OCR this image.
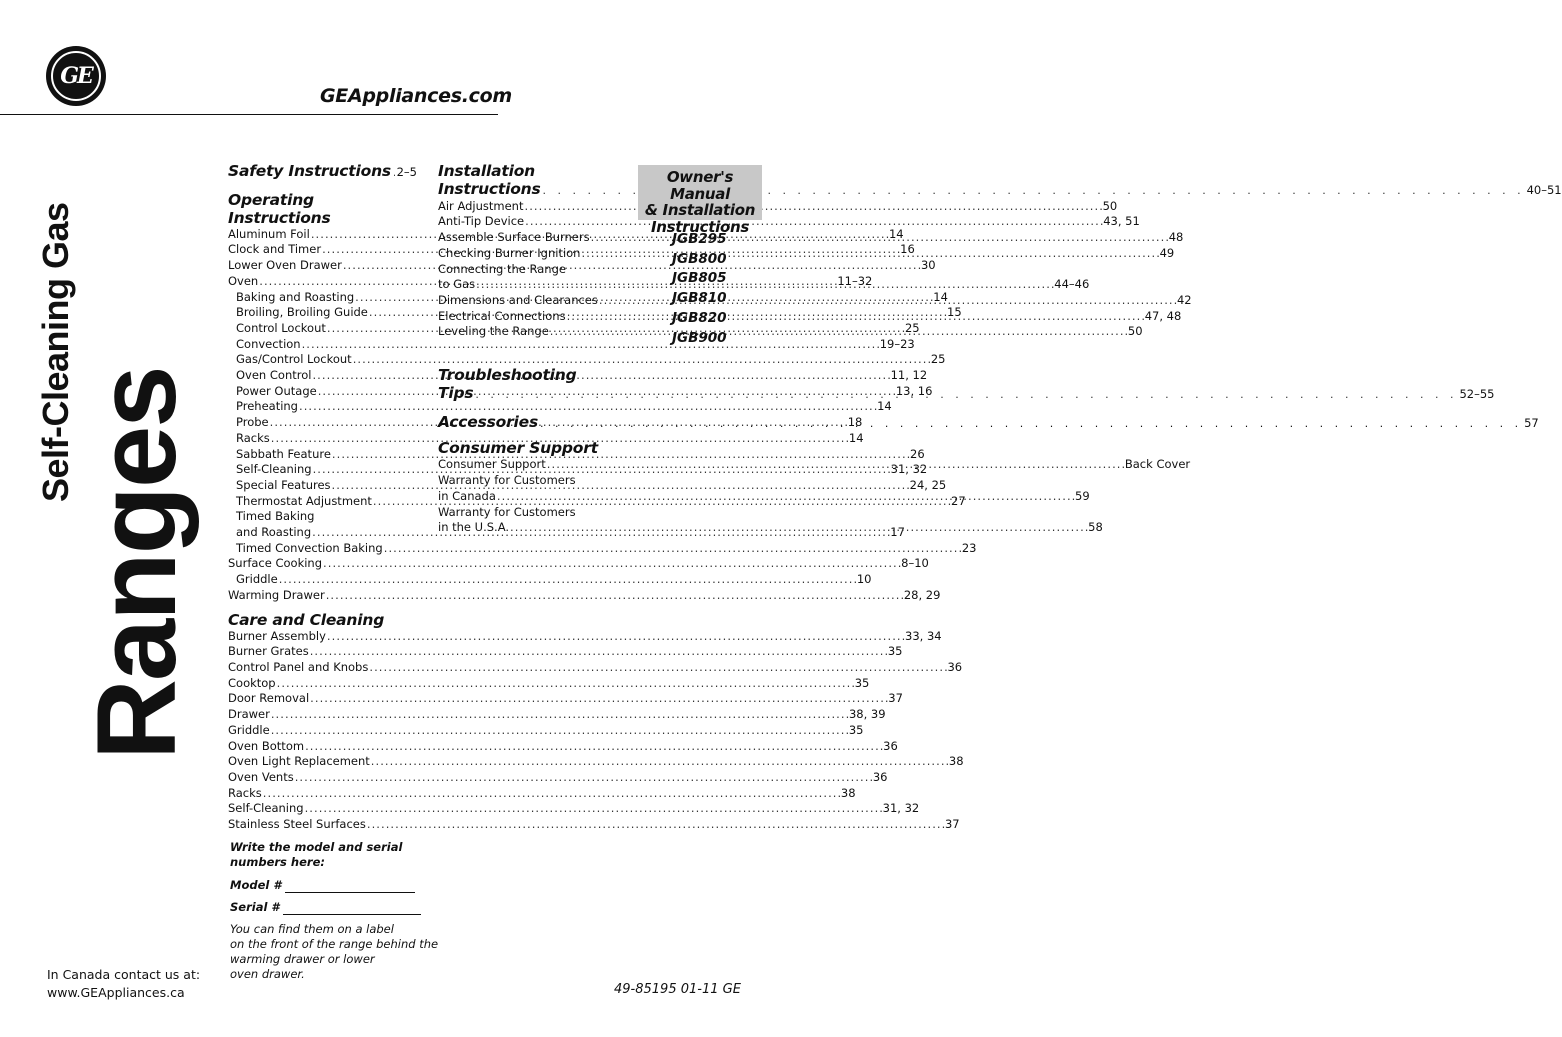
GE
GEAppliances.com
Ranges
Self-Cleaning Gas
Safety Instructions . . . 2–5
Operating Instructions
Aluminum Foil . . .	14
Clock and Timer . . .	16
Lower Oven Drawer . . .	30
Oven . . .	11–32
Baking and Roasting . . .	14
Broiling, Broiling Guide . . .	15
Control Lockout . . .	25
Convection . . .	19–23
Gas/Control Lockout . . .	25
Oven Control . . .	11, 12
Power Outage . . .	13, 16
Preheating . . .	14
Probe . . .	18
Racks . . .	14
Sabbath Feature . . .	26
Self-Cleaning . . .	31, 32
Special Features . . .	24, 25
Thermostat Adjustment . . .	27
Timed Baking
and Roasting . . .	17
Timed Convection Baking . . .	23
Surface Cooking . . .	8–10
Griddle . . .	10
Warming Drawer . . .	28, 29
Care and Cleaning
Burner Assembly . . .	33, 34
Burner Grates . . .	35
Control Panel and Knobs . . .	36
Cooktop . . .	35
Door Removal . . .	37
Drawer . . .	38, 39
Griddle . . .	35
Oven Bottom . . .	36
Oven Light Replacement . . .	38
Oven Vents . . .	36
Racks . . .	38
Self-Cleaning . . .	31, 32
Stainless Steel Surfaces . . .	37
Installation
Instructions . . .	40–51
Air Adjustment . . .	50
Anti-Tip Device . . .	43, 51
Assemble Surface Burners . . .	48
Checking Burner Ignition . . .	49
Connecting the Range
to Gas . . .	44–46
Dimensions and Clearances . . .	42
Electrical Connections . . .	47, 48
Leveling the Range . . .	50
Troubleshooting
Tips . . .	52–55
Accessories . . .	57
Consumer Support
Consumer Support . . .	Back Cover
Warranty for Customers
in Canada . . .	59
Warranty for Customers
in the U.S.A. . . .	58
Owner's Manual
& Installation
Instructions
JGB295
JGB800
JGB805
JGB810
JGB820
JGB900
Write the model and serial
numbers here:
Model #
Serial #
You can find them on a label
on the front of the range behind the
warming drawer or lower
oven drawer.
In Canada contact us at:
www.GEAppliances.ca	49-85195 01-11 GE
